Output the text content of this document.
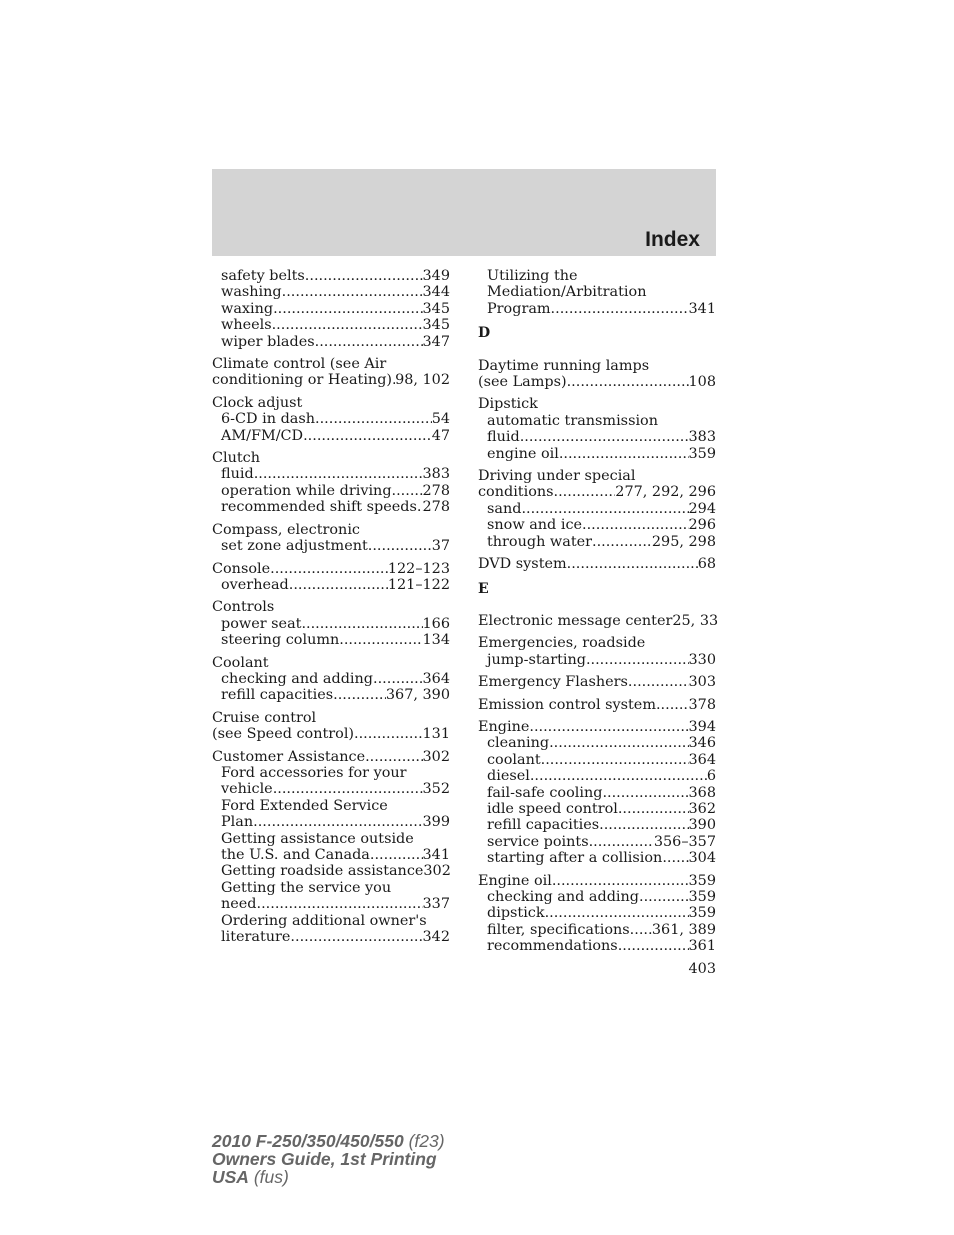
Index
safety belts .....	349
washing .....	344
waxing .....	345
wheels .....	345
wiper blades .....	347
Climate control (see Air
conditioning or Heating) ..... 98, 102
Clock adjust
6-CD in dash .....	54
AM/FM/CD .....	47
Clutch
fluid .....	383
operation while driving ..... 278
recommended shift speeds ..... 278
Compass, electronic
set zone adjustment .....	37
Console .....	122–123
overhead .....	121–122
Controls
power seat .....	166
steering column .....	134
Coolant
checking and adding .....	364
refill capacities .....	367, 390
Cruise control
(see Speed control) .....	131
Customer Assistance .....	302
Ford accessories for your
vehicle .....	352
Ford Extended Service
Plan .....	399
Getting assistance outside
the U.S. and Canada .....	341
Getting roadside assistance 302
Getting the service you
need .....	337
Ordering additional owner's
literature .....	342
Utilizing the
Mediation/Arbitration
Program .....	341
D
Daytime running lamps
(see Lamps) .....	108
Dipstick
automatic transmission
fluid .....	383
engine oil .....	359
Driving under special
conditions .....	277, 292, 296
sand .....	294
snow and ice .....	296
through water .....	295, 298
DVD system .....	68
E
Electronic message center 25, 33
Emergencies, roadside
jump-starting .....	330
Emergency Flashers .....	303
Emission control system ..... 378
Engine .....	394
cleaning .....	346
coolant .....	364
diesel .....	6
fail-safe cooling .....	368
idle speed control .....	362
refill capacities .....	390
service points .....	356–357
starting after a collision ..... 304
Engine oil .....	359
checking and adding .....	359
dipstick .....	359
filter, specifications ..... 361, 389
recommendations .....	361
403
2010 F-250/350/450/550 (f23)
Owners Guide, 1st Printing
USA (fus)
